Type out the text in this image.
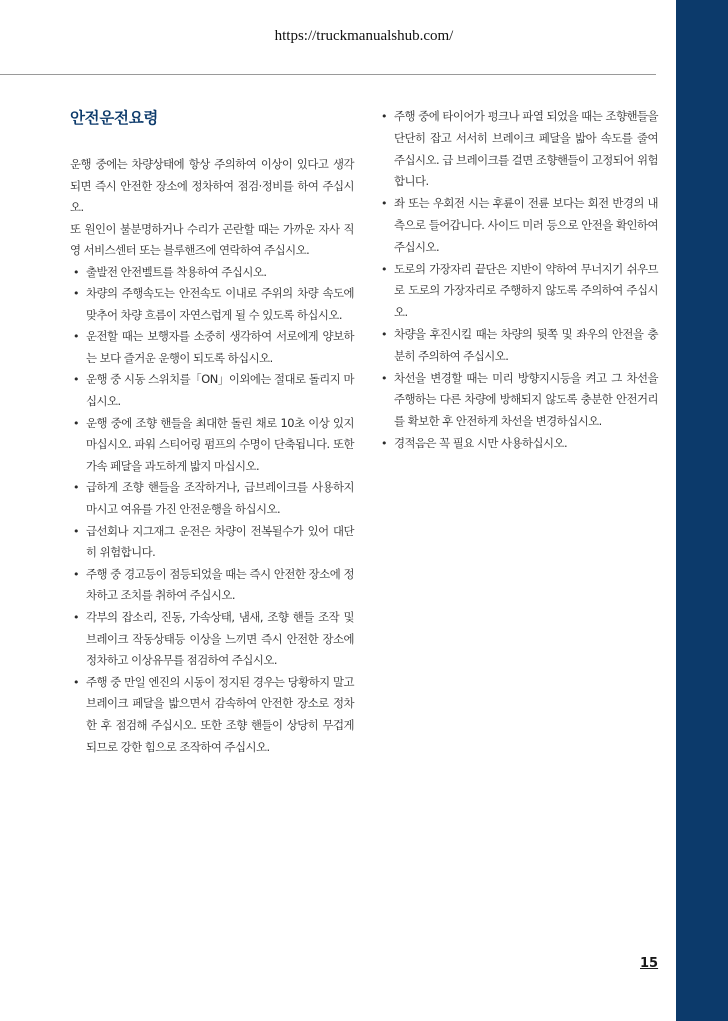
https://truckmanualshub.com/
안전운전요령

운행 중에는 차량상태에 항상 주의하여 이상이 있다고 생각되면 즉시 안전한 장소에 정차하여 점검·정비를 하여 주십시오.

또 원인이 불분명하거나 수리가 곤란할 때는 가까운 자사 직영 서비스센터 또는 블루핸즈에 연락하여 주십시오.

• 출발전 안전벨트를 착용하여 주십시오.
• 차량의 주행속도는 안전속도 이내로 주위의 차량 속도에 맞추어 차량 흐름이 자연스럽게 될 수 있도록 하십시오.
• 운전할 때는 보행자를 소중히 생각하여 서로에게 양보하는 보다 즐거운 운행이 되도록 하십시오.
• 운행 중 시동 스위치를「ON」이외에는 절대로 돌리지 마십시오.
• 운행 중에 조향 핸들을 최대한 돌린 채로 10초 이상 있지 마십시오. 파워 스티어링 펌프의 수명이 단축됩니다. 또한 가속 페달을 과도하게 밟지 마십시오.
• 급하게 조향 핸들을 조작하거나, 급브레이크를 사용하지 마시고 여유를 가진 안전운행을 하십시오.
• 급선회나 지그재그 운전은 차량이 전복될수가 있어 대단히 위험합니다.
• 주행 중 경고등이 점등되었을 때는 즉시 안전한 장소에 정차하고 조치를 취하여 주십시오.
• 각부의 잡소리, 진동, 가속상태, 냄새, 조향 핸들 조작 및 브레이크 작동상태등 이상을 느끼면 즉시 안전한 장소에 정차하고 이상유무를 점검하여 주십시오.
• 주행 중 만일 엔진의 시동이 정지된 경우는 당황하지 말고 브레이크 페달을 밟으면서 감속하여 안전한 장소로 정차한 후 점검해 주십시오. 또한 조향 핸들이 상당히 무겁게 되므로 강한 힘으로 조작하여 주십시오.
• 주행 중에 타이어가 펑크나 파열 되었을 때는 조향핸들을 단단히 잡고 서서히 브레이크 페달을 밟아 속도를 줄여 주십시오. 급 브레이크를 걸면 조향핸들이 고정되어 위험합니다.
• 좌 또는 우회전 시는 후륜이 전륜 보다는 회전 반경의 내측으로 들어갑니다. 사이드 미러 등으로 안전을 확인하여 주십시오.
• 도로의 가장자리 끝단은 지반이 약하여 무너지기 쉬우므로 도로의 가장자리로 주행하지 않도록 주의하여 주십시오.
• 차량을 후진시킬 때는 차량의 뒷쪽 및 좌우의 안전을 충분히 주의하여 주십시오.
• 차선을 변경할 때는 미리 방향지시등을 켜고 그 차선을 주행하는 다른 차량에 방해되지 않도록 충분한 안전거리를 확보한 후 안전하게 차선을 변경하십시오.
• 경적음은 꼭 필요 시만 사용하십시오.
15
